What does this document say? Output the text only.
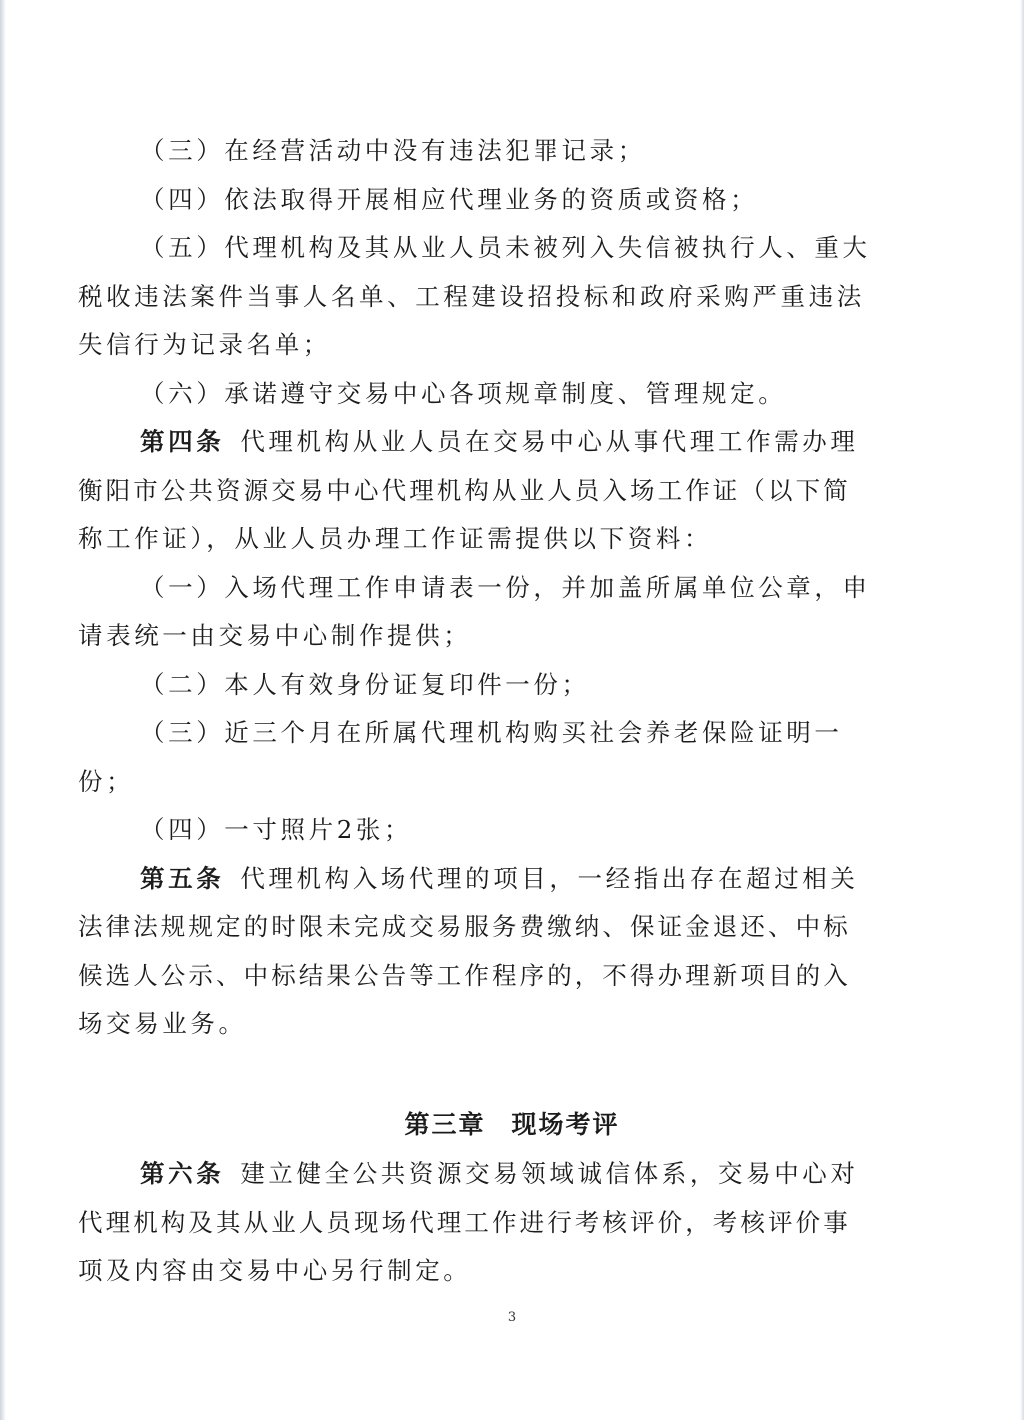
（三）在经营活动中没有违法犯罪记录；
（四）依法取得开展相应代理业务的资质或资格；
（五）代理机构及其从业人员未被列入失信被执行人、重大
税收违法案件当事人名单、工程建设招投标和政府采购严重违法
失信行为记录名单；
（六）承诺遵守交易中心各项规章制度、管理规定。
第四条 代理机构从业人员在交易中心从事代理工作需办理
衡阳市公共资源交易中心代理机构从业人员入场工作证（以下简
称工作证），从业人员办理工作证需提供以下资料：
（一）入场代理工作申请表一份，并加盖所属单位公章，申
请表统一由交易中心制作提供；
（二）本人有效身份证复印件一份；
（三）近三个月在所属代理机构购买社会养老保险证明一
份；
（四）一寸照片2张；
第五条 代理机构入场代理的项目，一经指出存在超过相关
法律法规规定的时限未完成交易服务费缴纳、保证金退还、中标
候选人公示、中标结果公告等工作程序的，不得办理新项目的入
场交易业务。
第三章 现场考评
第六条 建立健全公共资源交易领域诚信体系，交易中心对
代理机构及其从业人员现场代理工作进行考核评价，考核评价事
项及内容由交易中心另行制定。
3
